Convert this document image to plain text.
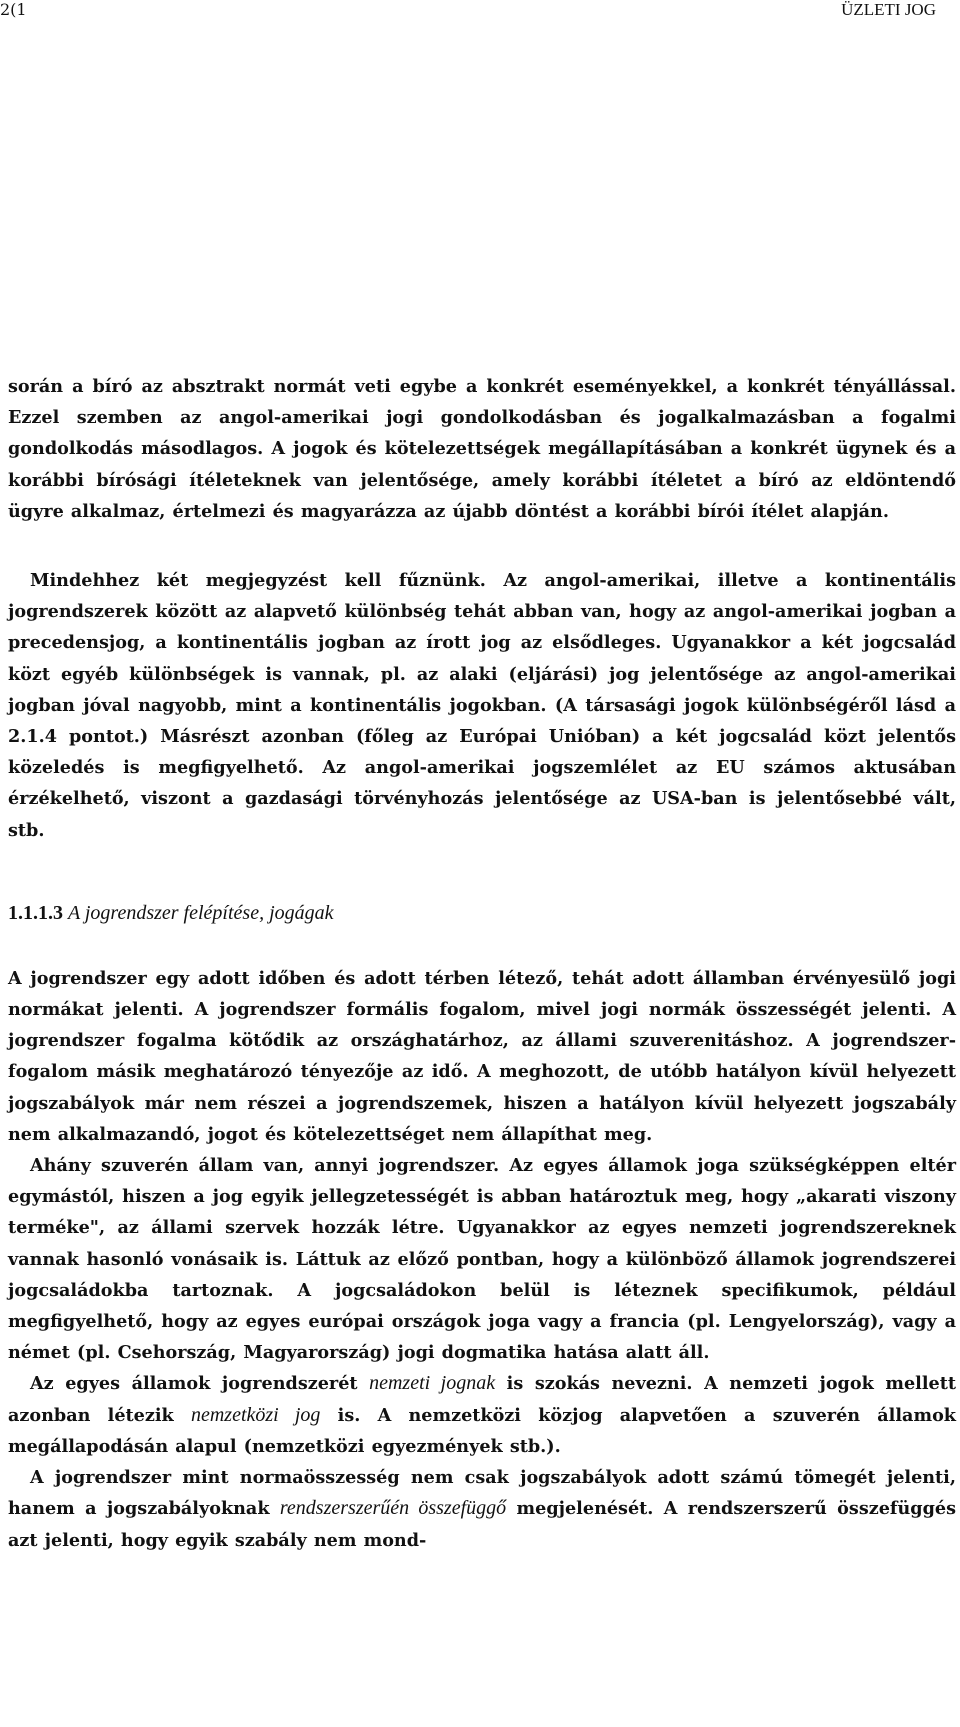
2(1	ÜZLETI JOG

során a bíró az absztrakt normát veti egybe a konkrét eseményekkel, a konkrét tényállással. Ezzel szemben az angol-amerikai jogi gondolkodásban és jogalkalmazásban a fogalmi gondolkodás másodlagos. A jogok és kötelezettségek megállapításában a konkrét ügynek és a korábbi bírósági ítéleteknek van jelentősége, amely korábbi ítéletet a bíró az eldöntendő ügyre alkalmaz, értelmezi és magyarázza az újabb döntést a korábbi bírói ítélet alapján.

Mindehhez két megjegyzést kell fűznünk. Az angol-amerikai, illetve a kontinentális jogrendszerek között az alapvető különbség tehát abban van, hogy az angol-amerikai jogban a precedensjog, a kontinentális jogban az írott jog az elsődleges. Ugyanakkor a két jogcsalád közt egyéb különbségek is vannak, pl. az alaki (eljárási) jog jelentősége az angol-amerikai jogban jóval nagyobb, mint a kontinentális jogokban. (A társasági jogok különbségéről lásd a 2.1.4 pontot.) Másrészt azonban (főleg az Európai Unióban) a két jogcsalád közt jelentős közeledés is megfigyelhető. Az angol-amerikai jogszemlélet az EU számos aktusában érzékelhető, viszont a gazdasági törvényhozás jelentősége az USA-ban is jelentősebbé vált, stb.

1.1.1.3 A jogrendszer felépítése, jogágak

A jogrendszer egy adott időben és adott térben létező, tehát adott államban érvényesülő jogi normákat jelenti. A jogrendszer formális fogalom, mivel jogi normák összességét jelenti. A jogrendszer fogalma kötődik az országhatárhoz, az állami szuverenitáshoz. A jogrendszer-fogalom másik meghatározó tényezője az idő. A meghozott, de utóbb hatályon kívül helyezett jogszabályok már nem részei a jogrendszemek, hiszen a hatályon kívül helyezett jogszabály nem alkalmazandó, jogot és kötelezettséget nem állapíthat meg.

Ahány szuverén állam van, annyi jogrendszer. Az egyes államok joga szükségképpen eltér egymástól, hiszen a jog egyik jellegzetességét is abban határoztuk meg, hogy „akarati viszony terméke", az állami szervek hozzák létre. Ugyanakkor az egyes nemzeti jogrendszereknek vannak hasonló vonásaik is. Láttuk az előző pontban, hogy a különböző államok jogrendszerei jogcsaládokba tartoznak. A jogcsaládokon belül is léteznek specifikumok, például megfigyelhető, hogy az egyes európai országok joga vagy a francia (pl. Lengyelország), vagy a német (pl. Csehország, Magyarország) jogi dogmatika hatása alatt áll.

Az egyes államok jogrendszerét nemzeti jognak is szokás nevezni. A nemzeti jogok mellett azonban létezik nemzetközi jog is. A nemzetközi közjog alapvetően a szuverén államok megállapodásán alapul (nemzetközi egyezmények stb.).

A jogrendszer mint normaösszesség nem csak jogszabályok adott számú tömegét jelenti, hanem a jogszabályoknak rendszerszerűén összefüggő megjelenését. A rendszerszerű összefüggés azt jelenti, hogy egyik szabály nem mond-
